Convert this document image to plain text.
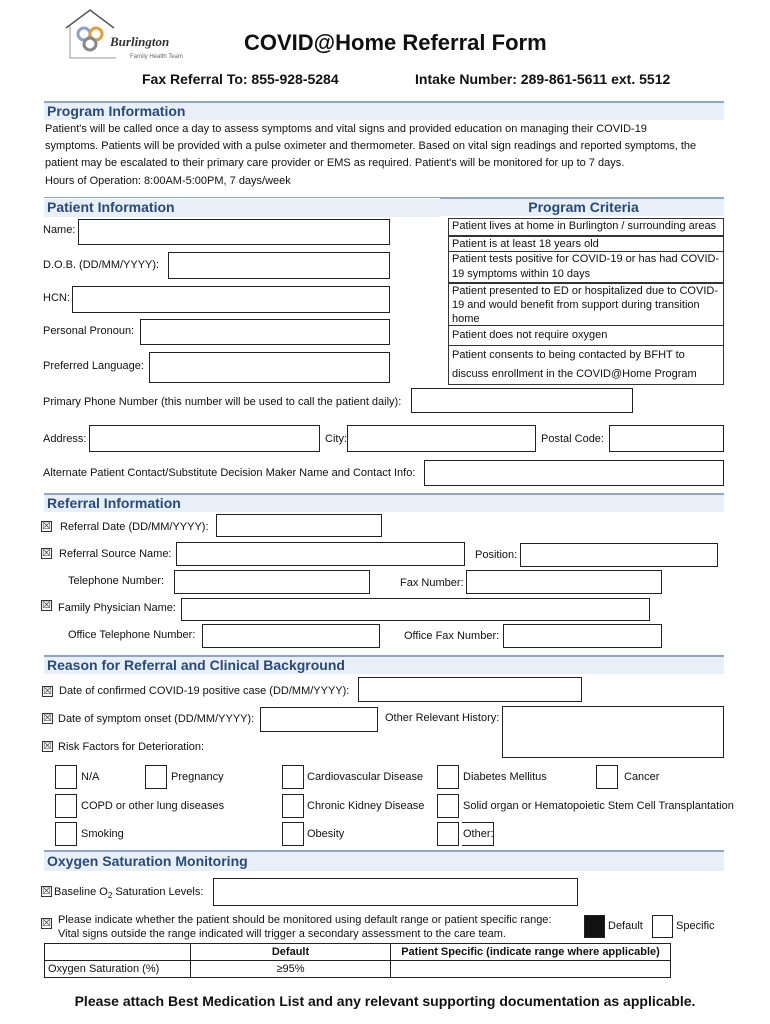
Burlington
Family Health Team
COVID@Home Referral Form
Fax Referral To: 855-928-5284	Intake Number: 289-861-5611 ext. 5512
Program Information
Patient's will be called once a day to assess symptoms and vital signs and provided education on managing their COVID-19
symptoms. Patients will be provided with a pulse oximeter and thermometer. Based on vital sign readings and reported symptoms, the
patient may be escalated to their primary care provider or EMS as required. Patient's will be monitored for up to 7 days.
Hours of Operation: 8:00AM-5:00PM, 7 days/week
Patient Information	Program Criteria
Patient lives at home in Burlington / surrounding areas
Patient is at least 18 years old
Patient tests positive for COVID-19 or has had COVID-19 symptoms within 10 days
Patient presented to ED or hospitalized due to COVID-19 and would benefit from support during transition home
Patient does not require oxygen
Patient consents to being contacted by BFHT to discuss enrollment in the COVID@Home Program
Name:
D.O.B. (DD/MM/YYYY):
HCN:
Personal Pronoun:
Preferred Language:
Primary Phone Number (this number will be used to call the patient daily):
Address:	City:	Postal Code:
Alternate Patient Contact/Substitute Decision Maker Name and Contact Info:
Referral Information
☒ Referral Date (DD/MM/YYYY):
☒ Referral Source Name:	Position:
Telephone Number:	Fax Number:
☒ Family Physician Name:
Office Telephone Number:	Office Fax Number:
Reason for Referral and Clinical Background
☒ Date of confirmed COVID-19 positive case (DD/MM/YYYY):
☒ Date of symptom onset (DD/MM/YYYY):	Other Relevant History:
☒ Risk Factors for Deterioration:
N/A	Pregnancy	Cardiovascular Disease	Diabetes Mellitus	Cancer
COPD or other lung diseases	Chronic Kidney Disease	Solid organ or Hematopoietic Stem Cell Transplantation
Smoking	Obesity	Other:
Oxygen Saturation Monitoring
☒ Baseline $O_2$ Saturation Levels:
☒ Please indicate whether the patient should be monitored using default range or patient specific range:
Vital signs outside the range indicated will trigger a secondary assessment to the care team.
Default	Specific
	Default	Patient Specific (indicate range where applicable)
Oxygen Saturation (%)	≥95%	
Please attach Best Medication List and any relevant supporting documentation as applicable.
